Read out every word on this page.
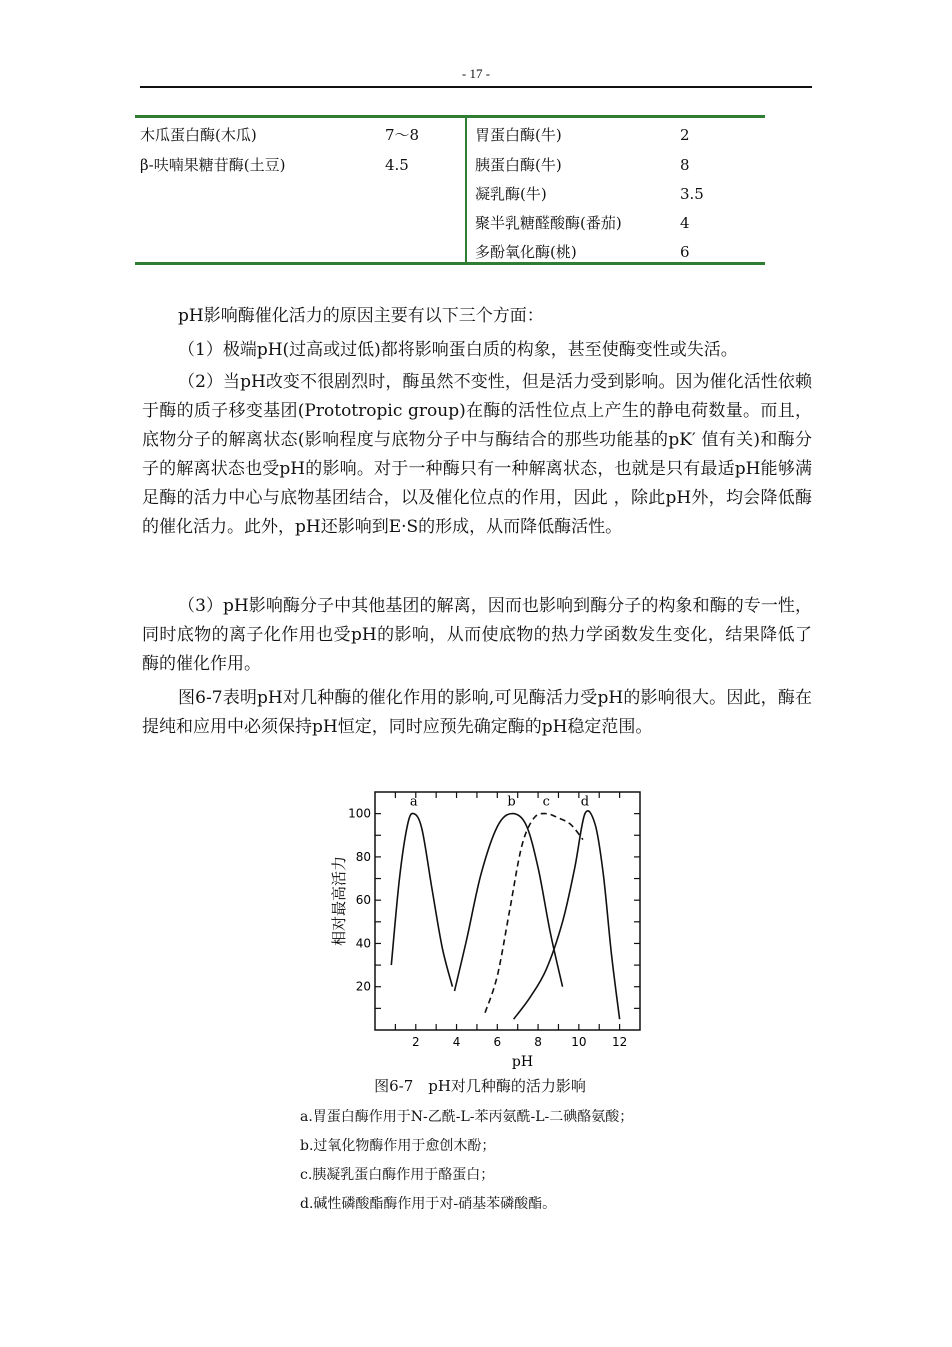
- 17 -
木瓜蛋白酶(木瓜)	7～8
β-呋喃果糖苷酶(土豆)	4.5
胃蛋白酶(牛)	2
胰蛋白酶(牛)	8
凝乳酶(牛)	3.5
聚半乳糖醛酸酶(番茄)	4
多酚氧化酶(桃)	6

pH影响酶催化活力的原因主要有以下三个方面：

（1）极端pH(过高或过低)都将影响蛋白质的构象，甚至使酶变性或失活。

（2）当pH改变不很剧烈时，酶虽然不变性，但是活力受到影响。因为催化活性依赖于酶的质子移变基团(Prototropic group)在酶的活性位点上产生的静电荷数量。而且，底物分子的解离状态(影响程度与底物分子中与酶结合的那些功能基的pK′ 值有关)和酶分子的解离状态也受pH的影响。对于一种酶只有一种解离状态，也就是只有最适pH能够满足酶的活力中心与底物基团结合，以及催化位点的作用，因此 ，除此pH外，均会降低酶的催化活力。此外，pH还影响到E·S的形成，从而降低酶活性。

（3）pH影响酶分子中其他基团的解离，因而也影响到酶分子的构象和酶的专一性，同时底物的离子化作用也受pH的影响，从而使底物的热力学函数发生变化，结果降低了酶的催化作用。

图6-7表明pH对几种酶的催化作用的影响,可见酶活力受pH的影响很大。因此，酶在提纯和应用中必须保持pH恒定，同时应预先确定酶的pH稳定范围。

2	4	6	8 10 12
20
40
60
80
100
pH
相对最高活力
a	b c d
图6-7　pH对几种酶的活力影响
a.胃蛋白酶作用于N-乙酰-L-苯丙氨酰-L-二碘酪氨酸；
b.过氧化物酶作用于愈创木酚；
c.胰凝乳蛋白酶作用于酪蛋白；
d.碱性磷酸酯酶作用于对-硝基苯磷酸酯。
